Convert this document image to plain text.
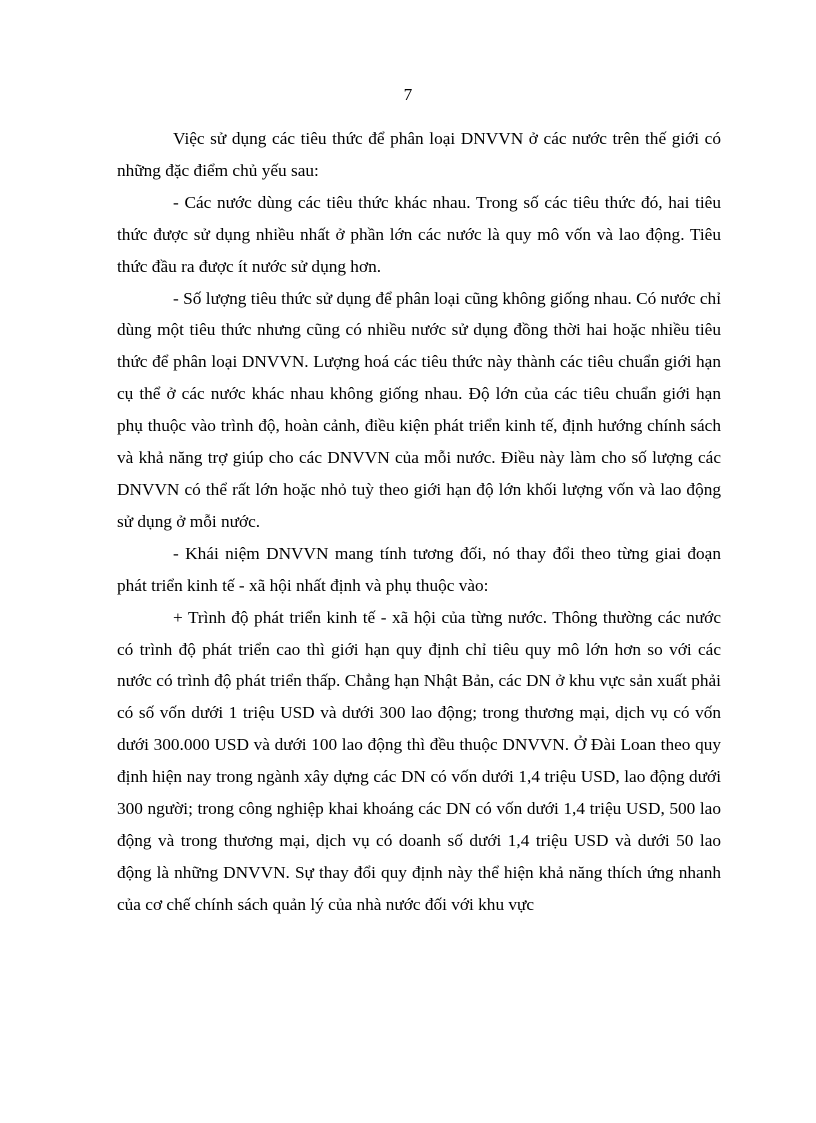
7

Việc sử dụng các tiêu thức để phân loại DNVVN ở các nước trên thế giới có những đặc điểm chủ yếu sau:

- Các nước dùng các tiêu thức khác nhau. Trong số các tiêu thức đó, hai tiêu thức được sử dụng nhiều nhất ở phần lớn các nước là quy mô vốn và lao động. Tiêu thức đầu ra được ít nước sử dụng hơn.

- Số lượng tiêu thức sử dụng để phân loại cũng không giống nhau. Có nước chỉ dùng một tiêu thức nhưng cũng có nhiều nước sử dụng đồng thời hai hoặc nhiều tiêu thức để phân loại DNVVN. Lượng hoá các tiêu thức này thành các tiêu chuẩn giới hạn cụ thể ở các nước khác nhau không giống nhau. Độ lớn của các tiêu chuẩn giới hạn phụ thuộc vào trình độ, hoàn cảnh, điều kiện phát triển kinh tế, định hướng chính sách và khả năng trợ giúp cho các DNVVN của mỗi nước. Điều này làm cho số lượng các DNVVN có thể rất lớn hoặc nhỏ tuỳ theo giới hạn độ lớn khối lượng vốn và lao động sử dụng ở mỗi nước.

- Khái niệm DNVVN mang tính tương đối, nó thay đổi theo từng giai đoạn phát triển kinh tế - xã hội nhất định và phụ thuộc vào:

+ Trình độ phát triển kinh tế - xã hội của từng nước. Thông thường các nước có trình độ phát triển cao thì giới hạn quy định chỉ tiêu quy mô lớn hơn so với các nước có trình độ phát triển thấp. Chẳng hạn Nhật Bản, các DN ở khu vực sản xuất phải có số vốn dưới 1 triệu USD và dưới 300 lao động; trong thương mại, dịch vụ có vốn dưới 300.000 USD và dưới 100 lao động thì đều thuộc DNVVN. Ở Đài Loan theo quy định hiện nay trong ngành xây dựng các DN có vốn dưới 1,4 triệu USD, lao động dưới 300 người; trong công nghiệp khai khoáng các DN có vốn dưới 1,4 triệu USD, 500 lao động và trong thương mại, dịch vụ có doanh số dưới 1,4 triệu USD và dưới 50 lao động là những DNVVN. Sự thay đổi quy định này thể hiện khả năng thích ứng nhanh của cơ chế chính sách quản lý của nhà nước đối với khu vực
